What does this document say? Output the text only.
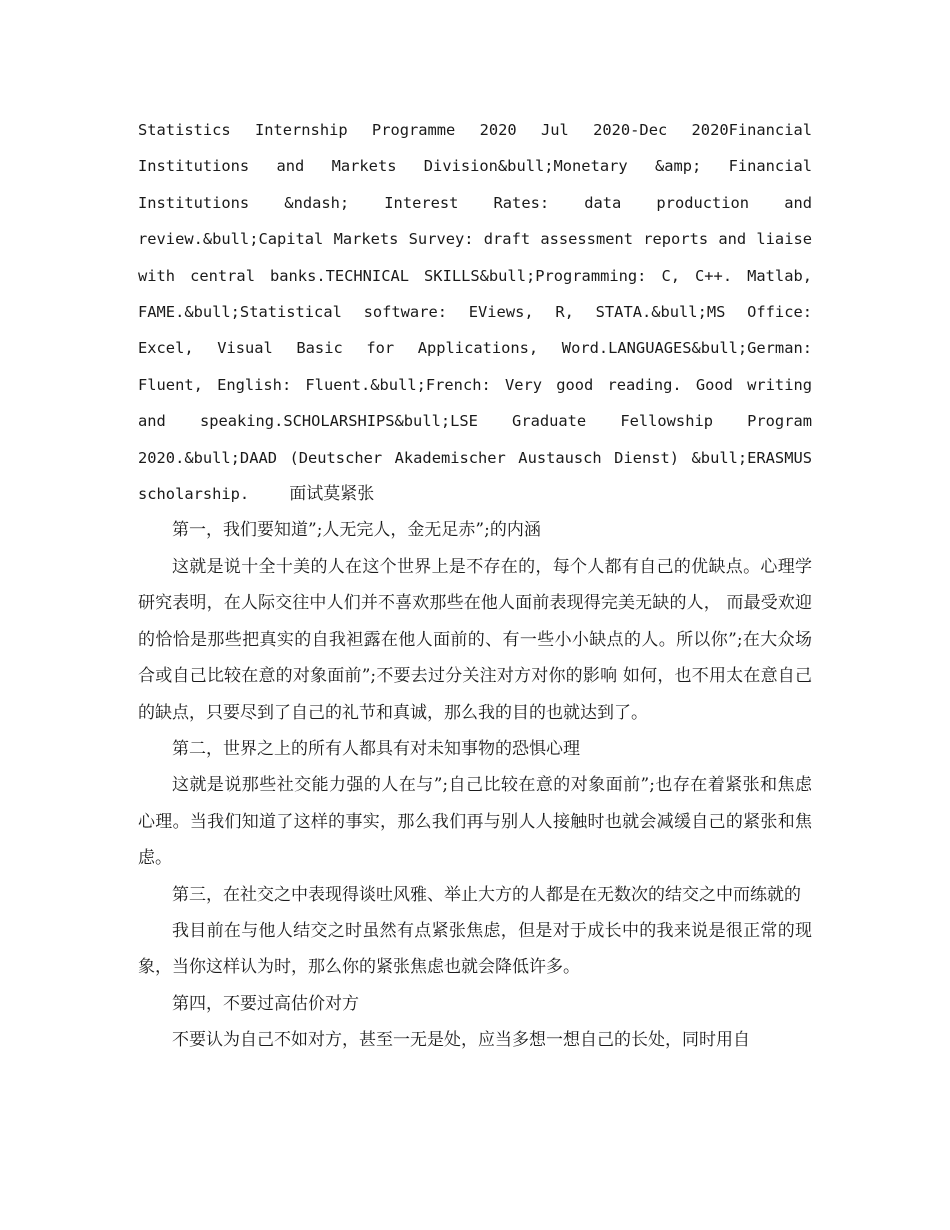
Statistics Internship Programme 2020 Jul 2020-Dec 2020Financial Institutions and Markets Division&bull;Monetary &amp; Financial Institutions &ndash; Interest Rates: data production and review.&bull;Capital Markets Survey: draft assessment reports and liaise with central banks.TECHNICAL SKILLS&bull;Programming: C, C++. Matlab, FAME.&bull;Statistical software: EViews, R, STATA.&bull;MS Office: Excel, Visual Basic for Applications, Word.LANGUAGES&bull;German: Fluent, English: Fluent.&bull;French: Very good reading. Good writing and speaking.SCHOLARSHIPS&bull;LSE Graduate Fellowship Program 2020.&bull;DAAD (Deutscher Akademischer Austausch Dienst) &bull;ERASMUS scholarship. 面试莫紧张

第一，我们要知道”;人无完人，金无足赤”;的内涵

这就是说十全十美的人在这个世界上是不存在的，每个人都有自己的优缺点。心理学研究表明，在人际交往中人们并不喜欢那些在他人面前表现得完美无缺的人， 而最受欢迎的恰恰是那些把真实的自我袒露在他人面前的、有一些小小缺点的人。所以你”;在大众场合或自己比较在意的对象面前”;不要去过分关注对方对你的影响 如何，也不用太在意自己的缺点，只要尽到了自己的礼节和真诚，那么我的目的也就达到了。

第二，世界之上的所有人都具有对未知事物的恐惧心理

这就是说那些社交能力强的人在与”;自己比较在意的对象面前”;也存在着紧张和焦虑心理。当我们知道了这样的事实，那么我们再与别人人接触时也就会减缓自己的紧张和焦虑。

第三，在社交之中表现得谈吐风雅、举止大方的人都是在无数次的结交之中而练就的

我目前在与他人结交之时虽然有点紧张焦虑，但是对于成长中的我来说是很正常的现象，当你这样认为时，那么你的紧张焦虑也就会降低许多。

第四，不要过高估价对方

不要认为自己不如对方，甚至一无是处，应当多想一想自己的长处，同时用自
